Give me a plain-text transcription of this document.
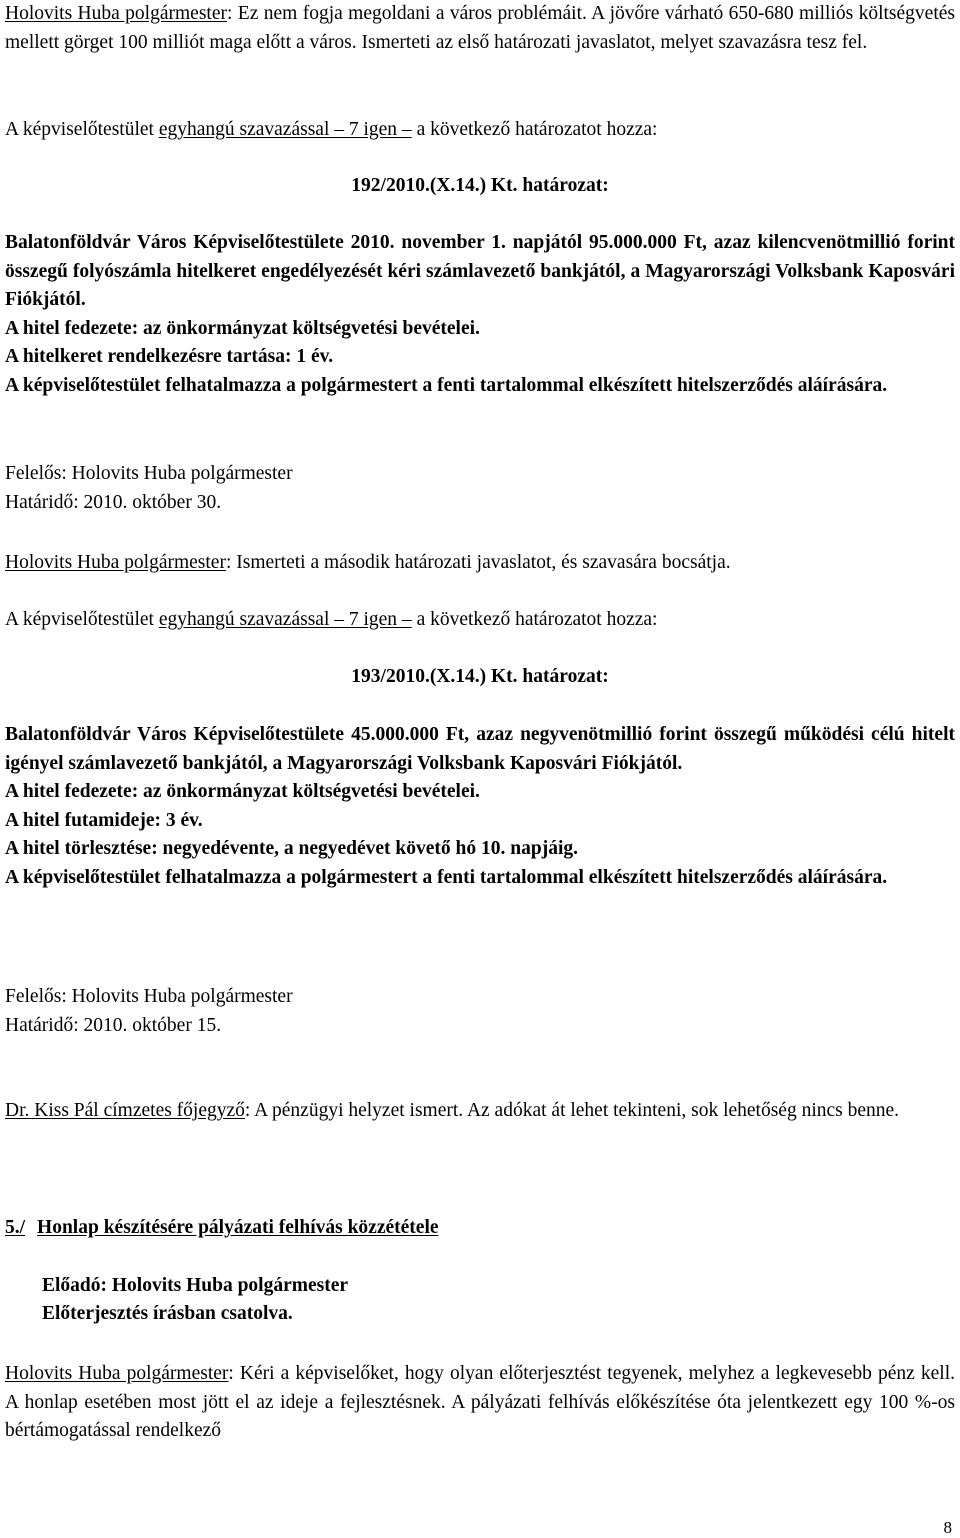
Holovits Huba polgármester: Ez nem fogja megoldani a város problémáit. A jövőre várható 650-680 milliós költségvetés mellett görget 100 milliót maga előtt a város. Ismerteti az első határozati javaslatot, melyet szavazásra tesz fel.

A képviselőtestület egyhangú szavazással – 7 igen – a következő határozatot hozza:

192/2010.(X.14.) Kt. határozat:

Balatonföldvár Város Képviselőtestülete 2010. november 1. napjától 95.000.000 Ft, azaz kilencvenötmillió forint összegű folyószámla hitelkeret engedélyezését kéri számlavezető bankjától, a Magyarországi Volksbank Kaposvári Fiókjától.

A hitel fedezete: az önkormányzat költségvetési bevételei.

A hitelkeret rendelkezésre tartása: 1 év.

A képviselőtestület felhatalmazza a polgármestert a fenti tartalommal elkészített hitelszerződés aláírására.

Felelős: Holovits Huba polgármester

Határidő: 2010. október 30.

Holovits Huba polgármester: Ismerteti a második határozati javaslatot, és szavasára bocsátja.

A képviselőtestület egyhangú szavazással – 7 igen – a következő határozatot hozza:

193/2010.(X.14.) Kt. határozat:

Balatonföldvár Város Képviselőtestülete 45.000.000 Ft, azaz negyvenötmillió forint összegű működési célú hitelt igényel számlavezető bankjától, a Magyarországi Volksbank Kaposvári Fiókjától.

A hitel fedezete: az önkormányzat költségvetési bevételei.

A hitel futamideje: 3 év.

A hitel törlesztése: negyedévente, a negyedévet követő hó 10. napjáig.

A képviselőtestület felhatalmazza a polgármestert a fenti tartalommal elkészített hitelszerződés aláírására.

Felelős: Holovits Huba polgármester

Határidő: 2010. október 15.

Dr. Kiss Pál címzetes főjegyző: A pénzügyi helyzet ismert. Az adókat át lehet tekinteni, sok lehetőség nincs benne.

5./ Honlap készítésére pályázati felhívás közzététele

Előadó: Holovits Huba polgármester

Előterjesztés írásban csatolva.

Holovits Huba polgármester: Kéri a képviselőket, hogy olyan előterjesztést tegyenek, melyhez a legkevesebb pénz kell. A honlap esetében most jött el az ideje a fejlesztésnek. A pályázati felhívás előkészítése óta jelentkezett egy 100 %-os bértámogatással rendelkező

8
